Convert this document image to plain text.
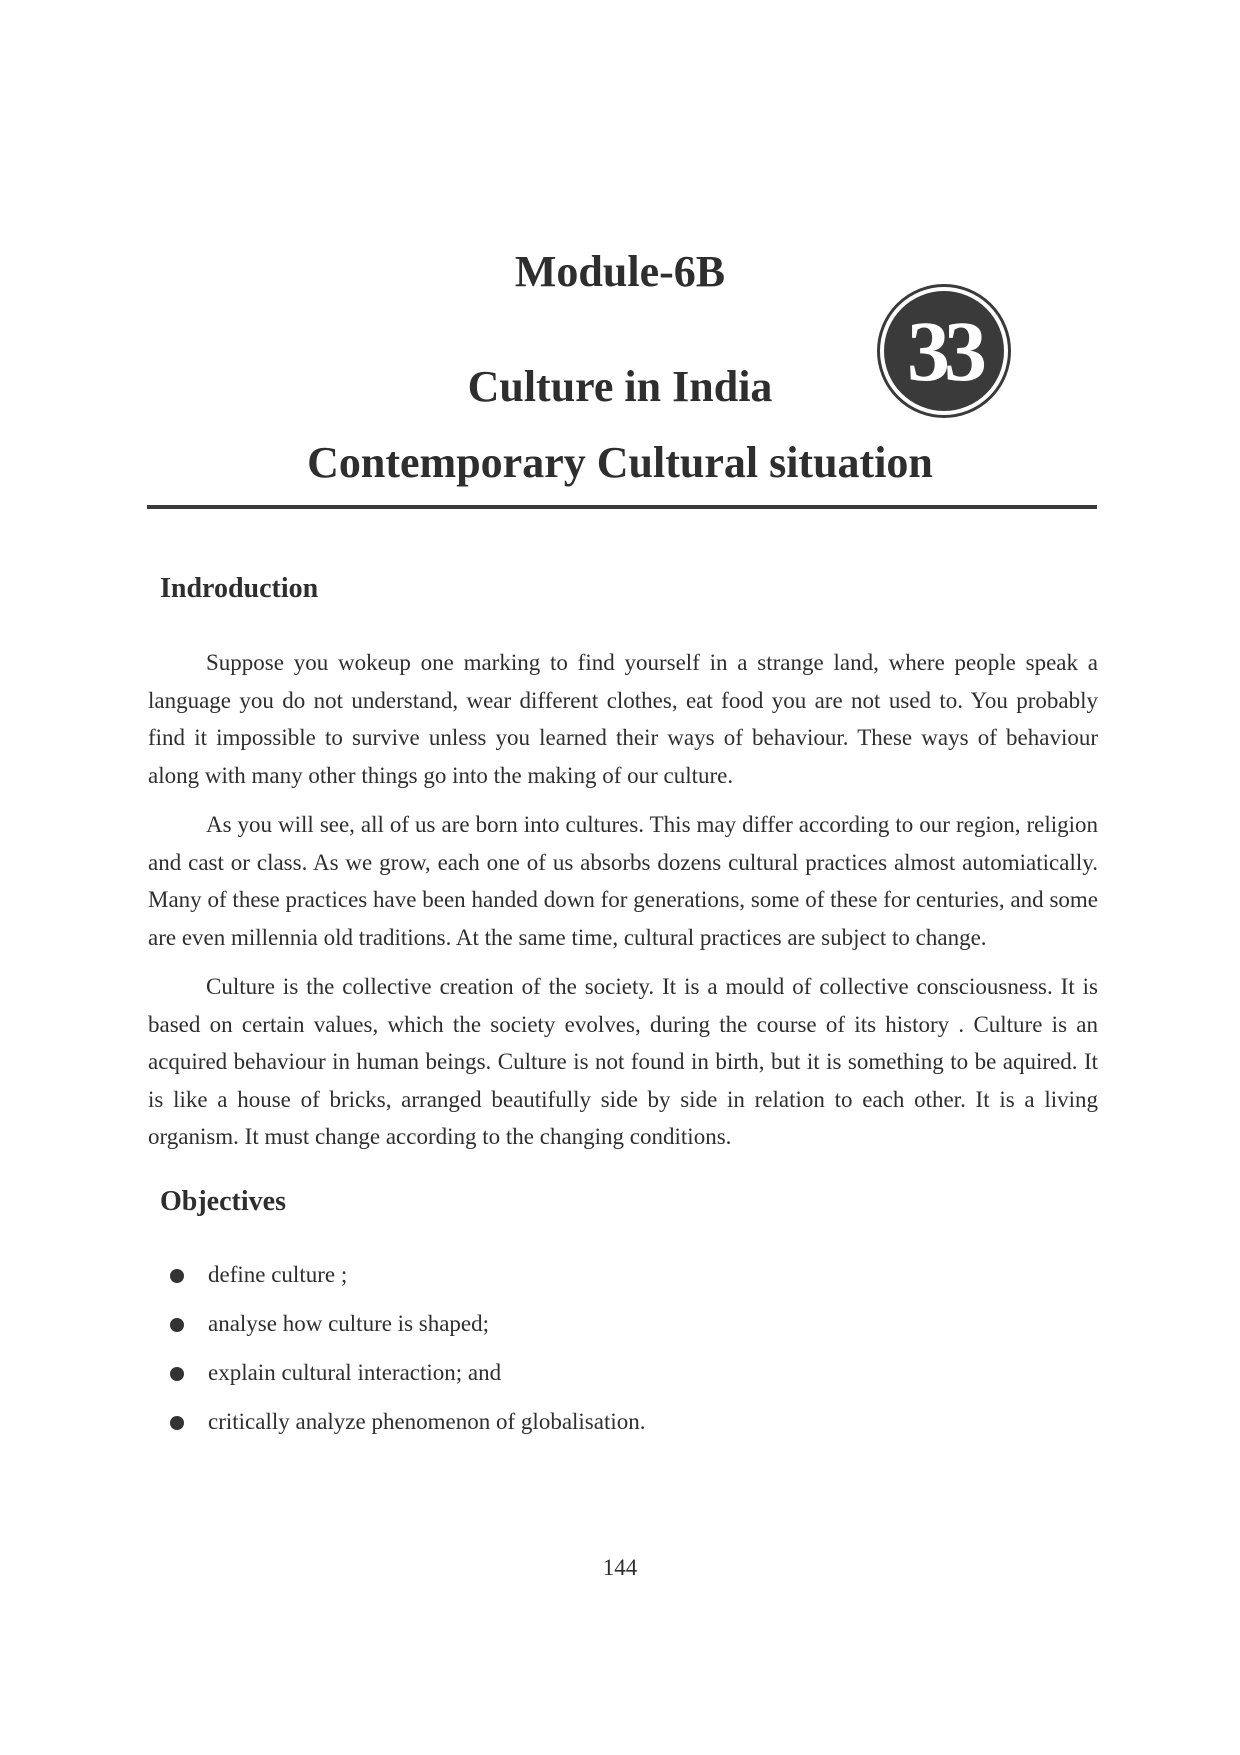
Module-6B
33
Culture in India
Contemporary Cultural situation
Indroduction

Suppose you wokeup one marking to find yourself in a strange land, where people speak a language you do not understand, wear different clothes, eat food you are not used to. You probably find it impossible to survive unless you learned their ways of behaviour. These ways of behaviour along with many other things go into the making of our culture.

As you will see, all of us are born into cultures. This may differ according to our region, religion and cast or class. As we grow, each one of us absorbs dozens cultural practices almost automiatically. Many of these practices have been handed down for generations, some of these for centuries, and some are even millennia old traditions. At the same time, cultural practices are subject to change.

Culture is the collective creation of the society. It is a mould of collective consciousness. It is based on certain values, which the society evolves, during the course of its history . Culture is an acquired behaviour in human beings. Culture is not found in birth, but it is something to be aquired. It is like a house of bricks, arranged beautifully side by side in relation to each other. It is a living organism. It must change according to the changing conditions.

Objectives
define culture ;
analyse how culture is shaped;
explain cultural interaction; and
critically analyze phenomenon of globalisation.
144
